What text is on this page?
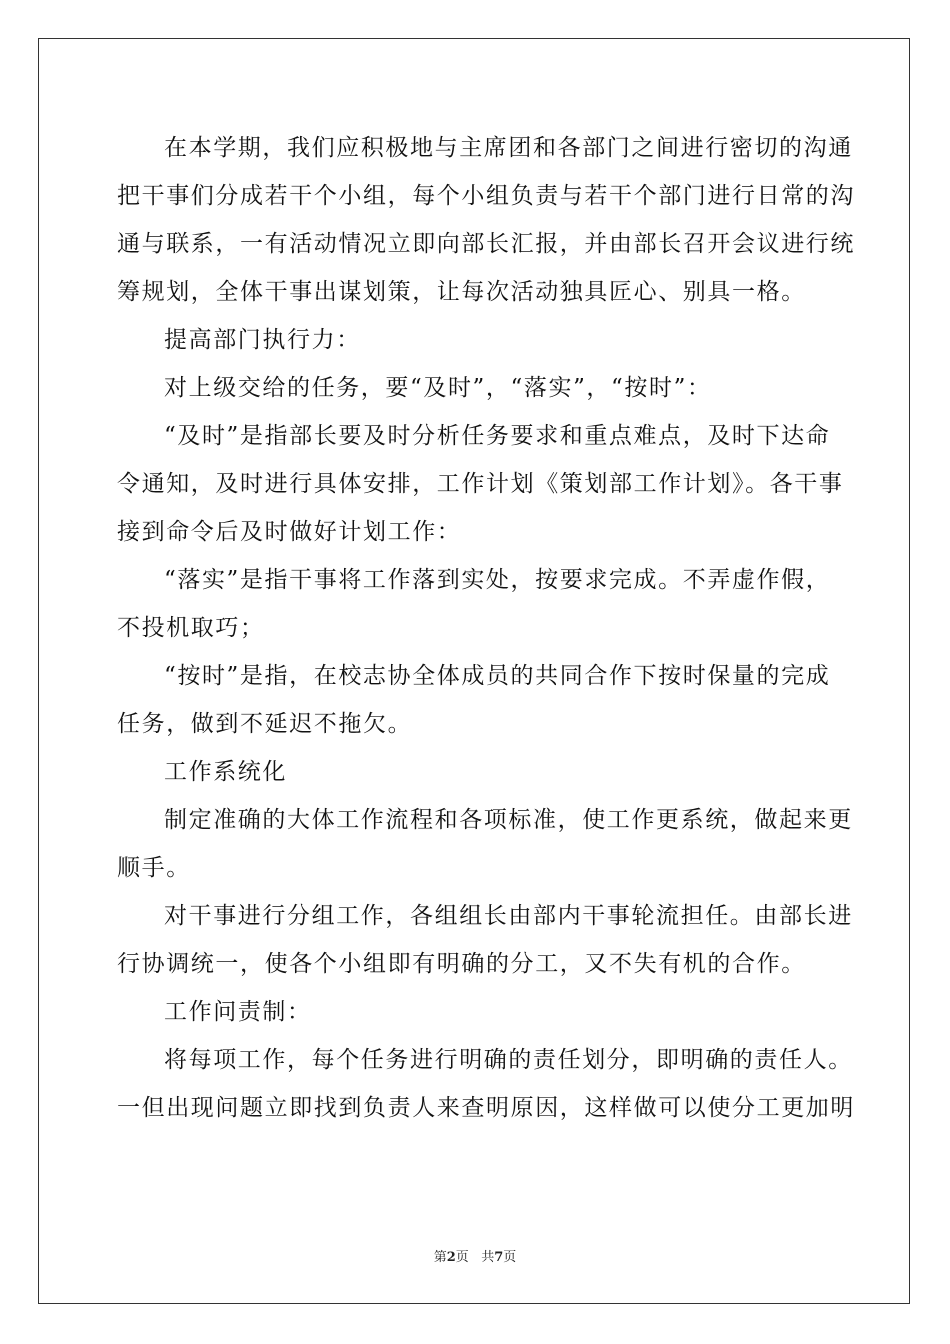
在本学期，我们应积极地与主席团和各部门之间进行密切的沟通
把干事们分成若干个小组，每个小组负责与若干个部门进行日常的沟
通与联系，一有活动情况立即向部长汇报，并由部长召开会议进行统
筹规划，全体干事出谋划策，让每次活动独具匠心、别具一格。
提高部门执行力：
对上级交给的任务，要“及时”，“落实”，“按时”：
“及时”是指部长要及时分析任务要求和重点难点，及时下达命
令通知，及时进行具体安排，工作计划《策划部工作计划》。各干事
接到命令后及时做好计划工作：
“落实”是指干事将工作落到实处，按要求完成。不弄虚作假，
不投机取巧；
“按时”是指，在校志协全体成员的共同合作下按时保量的完成
任务，做到不延迟不拖欠。
工作系统化
制定准确的大体工作流程和各项标准，使工作更系统，做起来更
顺手。
对干事进行分组工作，各组组长由部内干事轮流担任。由部长进
行协调统一，使各个小组即有明确的分工，又不失有机的合作。
工作问责制：
将每项工作，每个任务进行明确的责任划分，即明确的责任人。
一但出现问题立即找到负责人来查明原因，这样做可以使分工更加明
第2页 共7页
